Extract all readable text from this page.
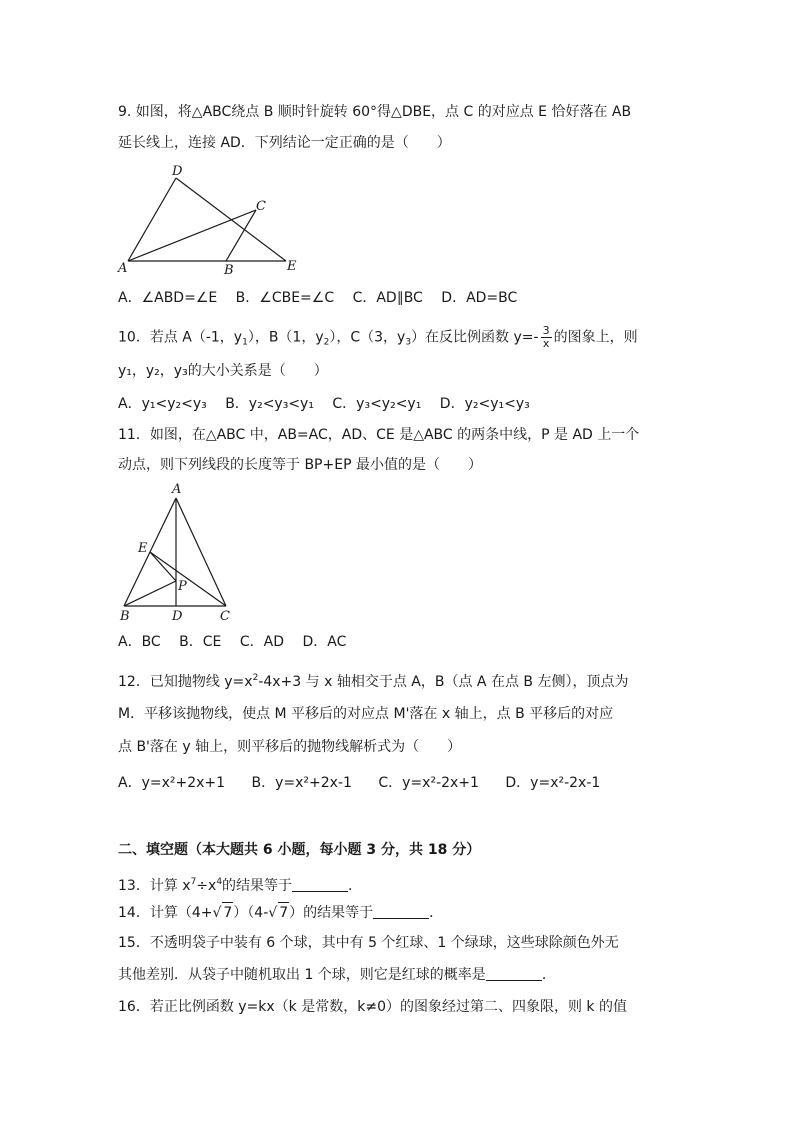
9. 如图，将△ABC绕点 B 顺时针旋转 60°得△DBE，点 C 的对应点 E 恰好落在 AB
延长线上，连接 AD．下列结论一定正确的是（　　）
D
C
A	B	E
A．∠ABD=∠E B．∠CBE=∠C C．AD∥BC D．AD=BC
10．若点 A（-1，$y_1$），B（1，$y_2$），C（3，$y_3$）在反比例函数 $y=- \frac{3}{x}$ 的图象上，则
y₁，y₂，y₃的大小关系是（　　）
A．y₁<y₂<y₃ B．y₂<y₃<y₁ C．y₃<y₂<y₁ D．y₂<y₁<y₃
11．如图，在△ABC 中，AB=AC，AD、CE 是△ABC 的两条中线，P 是 AD 上一个
动点，则下列线段的长度等于 BP+EP 最小值的是（　　）
A
E
P
B	D	C
A．BC B．CE C．AD D．AC
12．已知抛物线 $y=x^2-4x+3$ 与 x 轴相交于点 A，B（点 A 在点 B 左侧），顶点为
M．平移该抛物线，使点 M 平移后的对应点 M'落在 x 轴上，点 B 平移后的对应
点 B'落在 y 轴上，则平移后的抛物线解析式为（　　）
A．y=x²+2x+1 B．y=x²+2x-1 C．y=x²-2x+1 D．y=x²-2x-1
二、填空题（本大题共 6 小题，每小题 3 分，共 18 分）
13．计算 $x^7\div x^4$的结果等于	．
14．计算（4+√ 7）（4-√ 7）的结果等于	．
15．不透明袋子中装有 6 个球，其中有 5 个红球、1 个绿球，这些球除颜色外无
其他差别．从袋子中随机取出 1 个球，则它是红球的概率是	．
16．若正比例函数 y=kx（k 是常数，k≠0）的图象经过第二、四象限，则 k 的值
